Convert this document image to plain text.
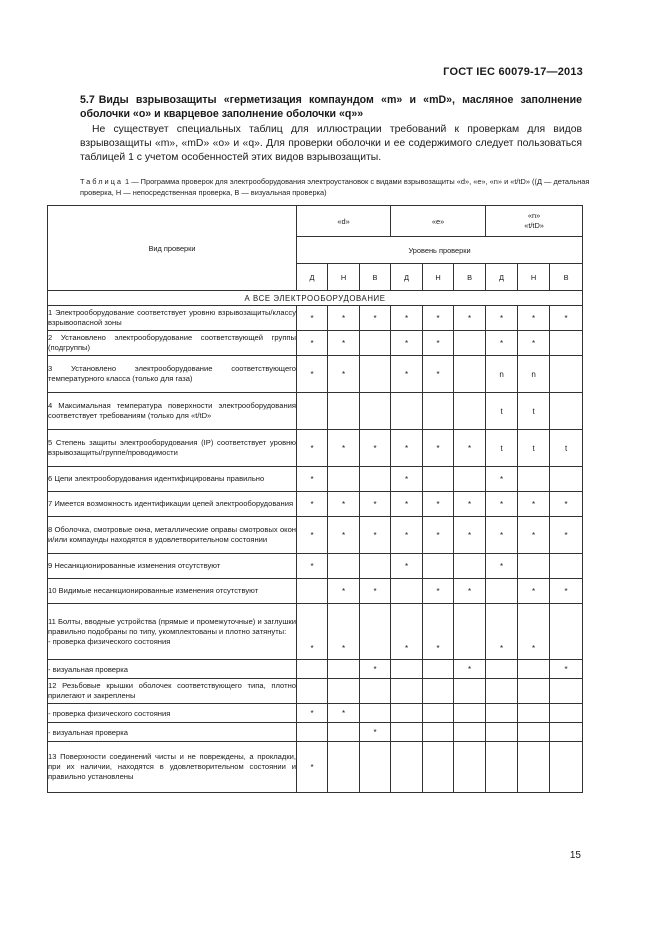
ГОСТ IEC 60079-17—2013

5.7 Виды взрывозащиты «герметизация компаундом «m» и «mD», масляное заполнение оболочки «o» и кварцевое заполнение оболочки «q»»

Не существует специальных таблиц для иллюстрации требований к проверкам для видов взрывозащиты «m», «mD» «o» и «q». Для проверки оболочки и ее содержимого следует пользоваться таблицей 1 с учетом особенностей этих видов взрывозащиты.

Таблица 1 — Программа проверок для электрооборудования электроустановок с видами взрывозащиты «d», «e», «n» и «t/tD» ((Д — детальная проверка, Н — непосредственная проверка, В — визуальная проверка)
Вид проверки	«d»			«e»			«n»
«t/tD»		
	Уровень проверки								
	Д	Н	В	Д	Н	В	Д	Н	В
А ВСЕ ЭЛЕКТРООБОРУДОВАНИЕ									

1 Электрооборудование соответствует уровню взрывозащиты/классу взрывоопасной зоны	*	*	*	*	*	*	*	*	*

2 Установлено электрооборудование соответствующей группы (подгруппы)	*	*		*	*		*	*	

3 Установлено электрооборудование соответствующего температурного класса (только для газа)	*	*		*	*		n	n	

4 Максимальная температура поверхности электрооборудования соответствует требованиям (только для «t/tD»							t	t	

5 Степень защиты электрооборудования (IP) соответствует уровню взрывозащиты/группе/проводимости	*	*	*	*	*	*	t	t	t

6 Цепи электрооборудования идентифицированы правильно	*			*			*		

7 Имеется возможность идентификации цепей электрооборудования	*	*	*	*	*	*	*	*	*

8 Оболочка, смотровые окна, металлические оправы смотровых окон и/или компаунды находятся в удовлетворительном состоянии	*	*	*	*	*	*	*	*	*

9 Несанкционированные изменения отсутствуют	*			*			*		

10 Видимые несанкционированные изменения отсутствуют		*	*		*	*		*	*

11 Болты, вводные устройства (прямые и промежуточные) и заглушки правильно подобраны по типу, укомплектованы и плотно затянуты:
- проверка физического состояния	*	*		*	*		*	*	
- визуальная проверка			*			*			*

12 Резьбовые крышки оболочек соответствующего типа, плотно прилегают и закреплены									

- проверка физического состояния	*	*							
- визуальная проверка			*						

13 Поверхности соединений чисты и не повреждены, а прокладки, при их наличии, находятся в удовлетворительном состоянии и правильно установлены	*								
15
